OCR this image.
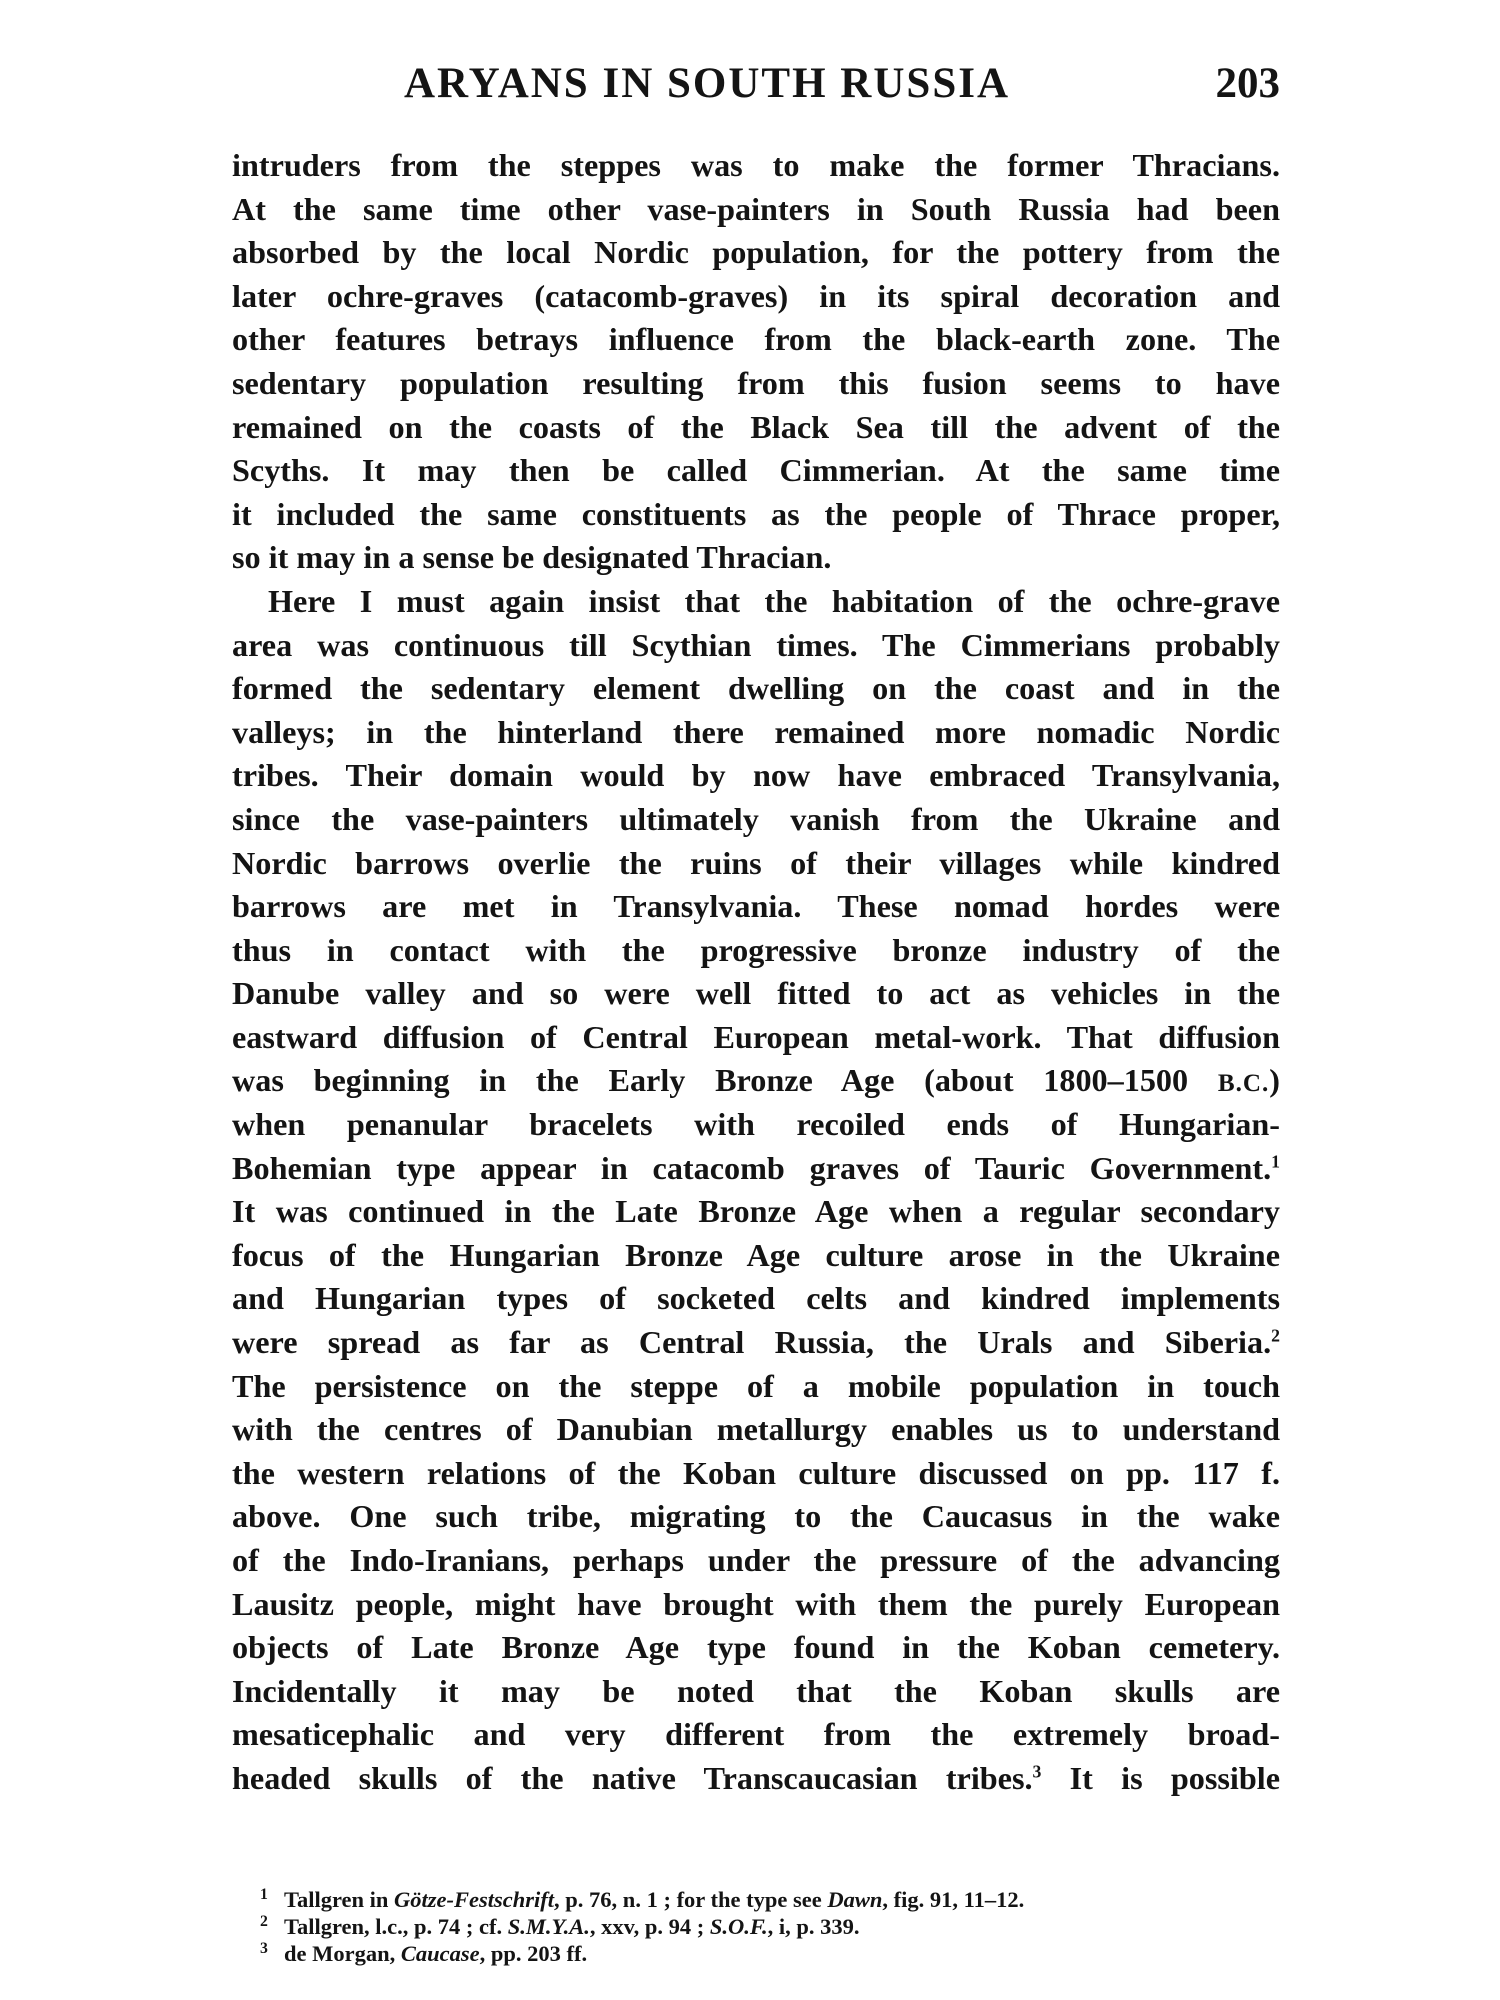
ARYANS IN SOUTH RUSSIA	203
intruders from the steppes was to make the former Thracians.
At the same time other vase-painters in South Russia had been
absorbed by the local Nordic population, for the pottery from the
later ochre-graves (catacomb-graves) in its spiral decoration and
other features betrays influence from the black-earth zone. The
sedentary population resulting from this fusion seems to have
remained on the coasts of the Black Sea till the advent of the
Scyths. It may then be called Cimmerian. At the same time
it included the same constituents as the people of Thrace proper,
so it may in a sense be designated Thracian.
Here I must again insist that the habitation of the ochre-grave
area was continuous till Scythian times. The Cimmerians probably
formed the sedentary element dwelling on the coast and in the
valleys; in the hinterland there remained more nomadic Nordic
tribes. Their domain would by now have embraced Transylvania,
since the vase-painters ultimately vanish from the Ukraine and
Nordic barrows overlie the ruins of their villages while kindred
barrows are met in Transylvania. These nomad hordes were
thus in contact with the progressive bronze industry of the
Danube valley and so were well fitted to act as vehicles in the
eastward diffusion of Central European metal-work. That diffusion
was beginning in the Early Bronze Age (about 1800–1500 B.C.)
when penanular bracelets with recoiled ends of Hungarian-
Bohemian type appear in catacomb graves of Tauric Government.$^1$
It was continued in the Late Bronze Age when a regular secondary
focus of the Hungarian Bronze Age culture arose in the Ukraine
and Hungarian types of socketed celts and kindred implements
were spread as far as Central Russia, the Urals and Siberia.$^2$
The persistence on the steppe of a mobile population in touch
with the centres of Danubian metallurgy enables us to understand
the western relations of the Koban culture discussed on pp. 117 f.
above. One such tribe, migrating to the Caucasus in the wake
of the Indo-Iranians, perhaps under the pressure of the advancing
Lausitz people, might have brought with them the purely European
objects of Late Bronze Age type found in the Koban cemetery.
Incidentally it may be noted that the Koban skulls are
mesaticephalic and very different from the extremely broad-
headed skulls of the native Transcaucasian tribes.$^3$ It is possible
1 Tallgren in Götze-Festschrift, p. 76, n. 1 ; for the type see Dawn, fig. 91, 11–12.
2 Tallgren, l.c., p. 74 ; cf. S.M.Y.A., xxv, p. 94 ; S.O.F., i, p. 339.
3 de Morgan, Caucase, pp. 203 ff.
